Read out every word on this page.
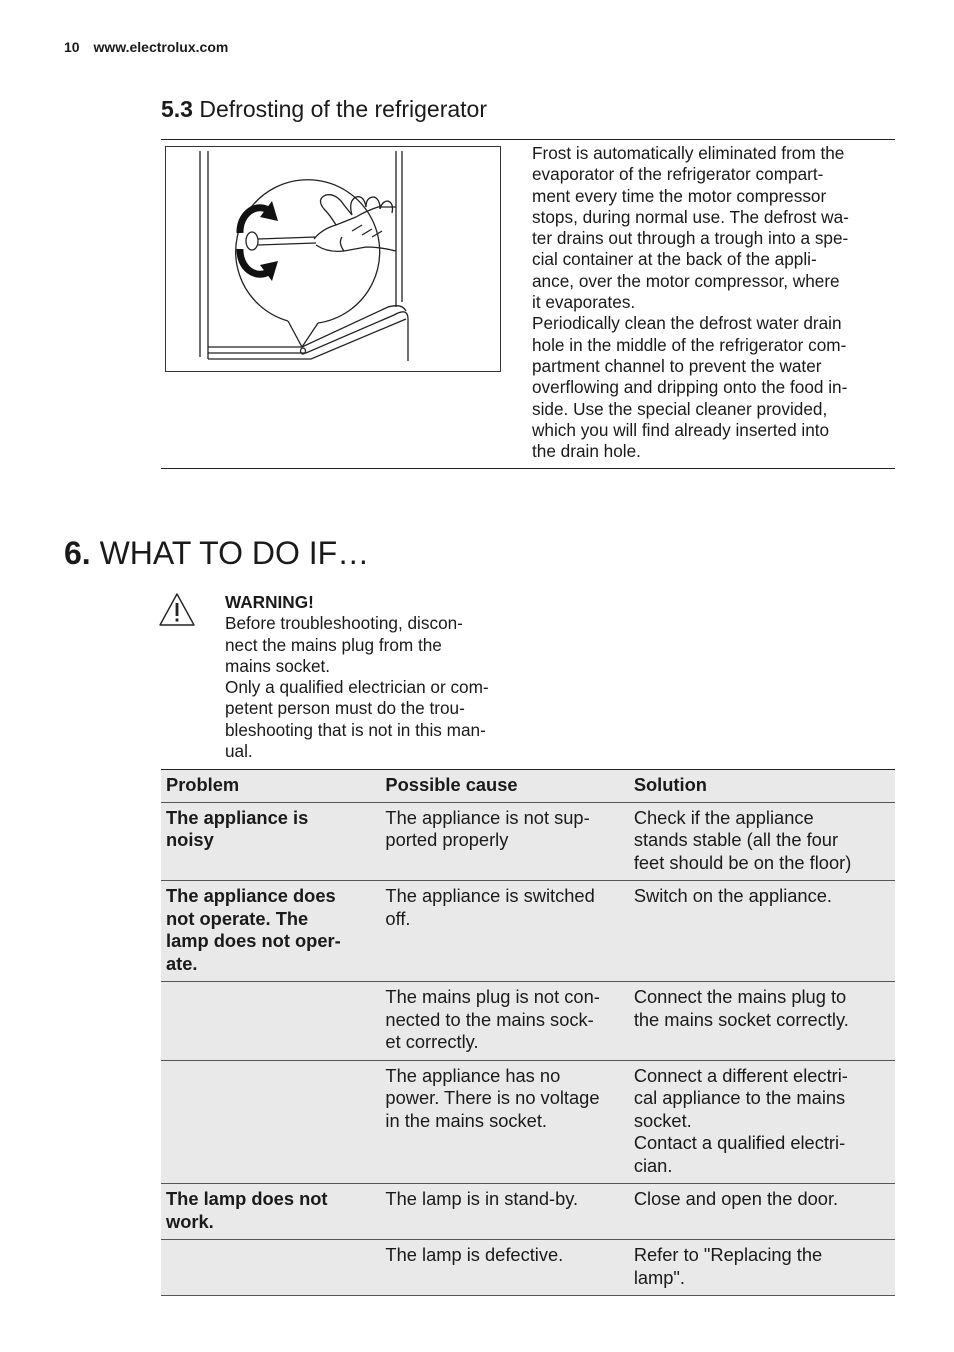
10 www.electrolux.com
5.3 Defrosting of the refrigerator

Frost is automatically eliminated from the
evaporator of the refrigerator compart-
ment every time the motor compressor
stops, during normal use. The defrost wa-
ter drains out through a trough into a spe-
cial container at the back of the appli-
ance, over the motor compressor, where
it evaporates.

Periodically clean the defrost water drain
hole in the middle of the refrigerator com-
partment channel to prevent the water
overflowing and dripping onto the food in-
side. Use the special cleaner provided,
which you will find already inserted into
the drain hole.

6. WHAT TO DO IF…
WARNING!
Before troubleshooting, discon-
nect the mains plug from the
mains socket.
Only a qualified electrician or com-
petent person must do the trou-
bleshooting that is not in this man-
ual.
Problem	Possible cause	Solution
The appliance is
noisy	The appliance is not sup-
ported properly	Check if the appliance
stands stable (all the four
feet should be on the floor)
The appliance does
not operate. The
lamp does not oper-
ate.	The appliance is switched
off.	Switch on the appliance.
	The mains plug is not con-
nected to the mains sock-
et correctly.	Connect the mains plug to
the mains socket correctly.
	The appliance has no
power. There is no voltage
in the mains socket.	Connect a different electri-
cal appliance to the mains
socket.
Contact a qualified electri-
cian.
The lamp does not
work.	The lamp is in stand-by.	Close and open the door.
	The lamp is defective.	Refer to "Replacing the
lamp".
